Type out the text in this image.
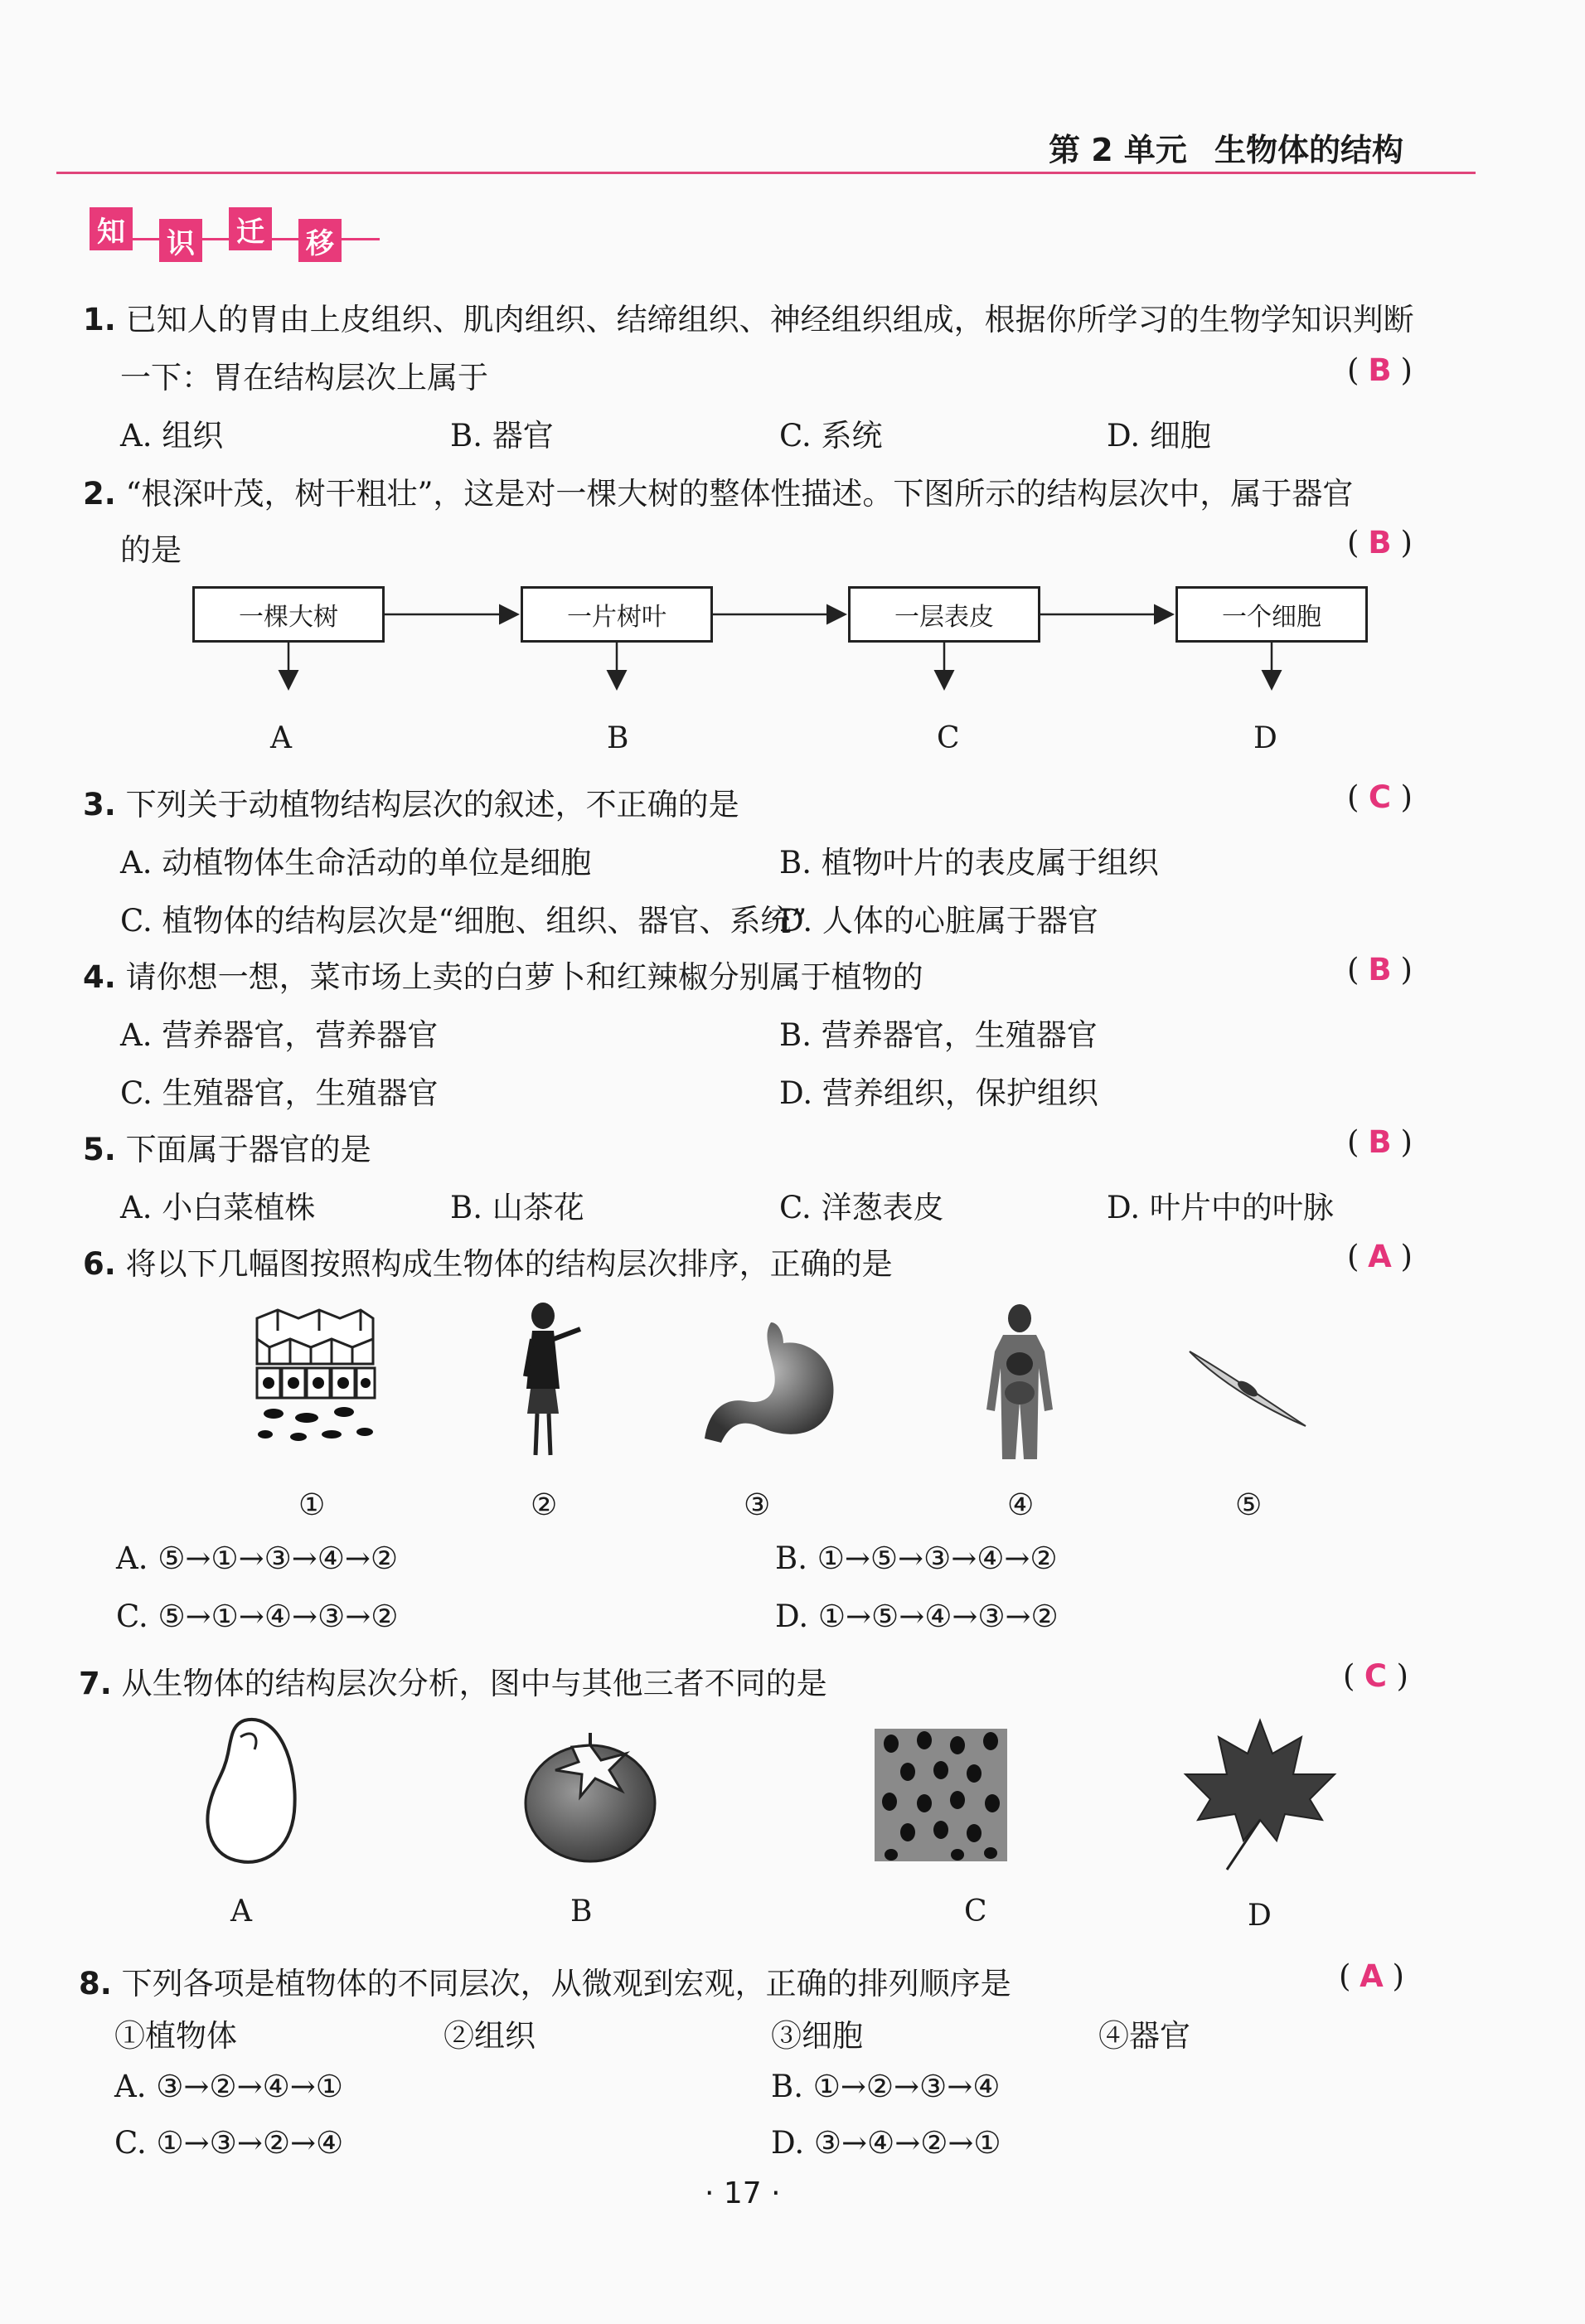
第 2 单元 生物体的结构
知 识 迁 移
1. 已知人的胃由上皮组织、肌肉组织、结缔组织、神经组织组成，根据你所学习的生物学知识判断
一下：胃在结构层次上属于	( B )
A. 组织	B. 器官	C. 系统	D. 细胞
2. “根深叶茂，树干粗壮”，这是对一棵大树的整体性描述。下图所示的结构层次中，属于器官
的是	( B )
一棵大树	一片树叶	一层表皮	一个细胞
A	B	C	D
3. 下列关于动植物结构层次的叙述，不正确的是	( C )
A. 动植物体生命活动的单位是细胞	B. 植物叶片的表皮属于组织
C. 植物体的结构层次是“细胞、组织、器官、系统”
D. 人体的心脏属于器官
4. 请你想一想，菜市场上卖的白萝卜和红辣椒分别属于植物的	( B )
A. 营养器官，营养器官	B. 营养器官，生殖器官
C. 生殖器官，生殖器官	D. 营养组织，保护组织
5. 下面属于器官的是	( B )
A. 小白菜植株	B. 山茶花	C. 洋葱表皮	D. 叶片中的叶脉
6. 将以下几幅图按照构成生物体的结构层次排序，正确的是	( A )
①	②	③	④	⑤
A. ⑤→①→③→④→②	B. ①→⑤→③→④→②
C. ⑤→①→④→③→②	D. ①→⑤→④→③→②
7. 从生物体的结构层次分析，图中与其他三者不同的是	( C )
A	B	C	D
8. 下列各项是植物体的不同层次，从微观到宏观，正确的排列顺序是	( A )
①植物体	②组织	③细胞	④器官
A. ③→②→④→①	B. ①→②→③→④
C. ①→③→②→④	D. ③→④→②→①
· 17 ·
